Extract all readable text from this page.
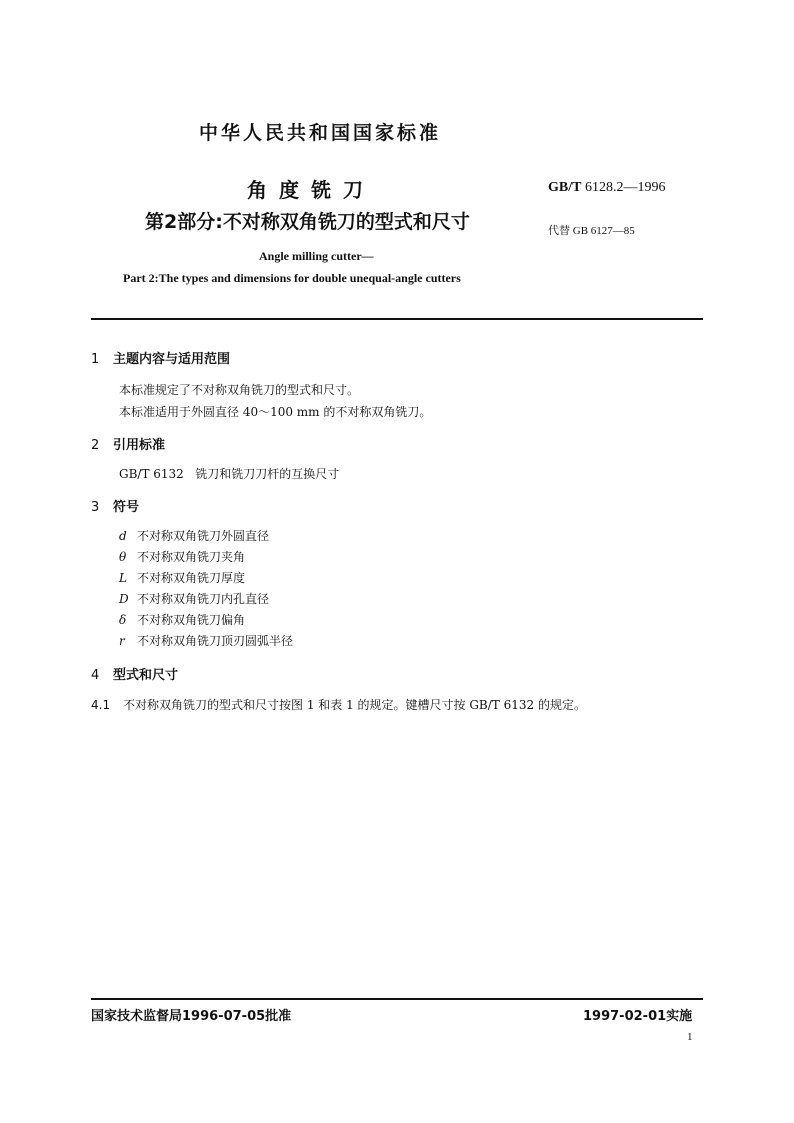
中华人民共和国国家标准
角度铣刀
第2部分:不对称双角铣刀的型式和尺寸
GB/T 6128.2—1996
代替 GB 6127—85
Angle milling cutter—
Part 2:The types and dimensions for double unequal-angle cutters
1 主题内容与适用范围
本标准规定了不对称双角铣刀的型式和尺寸。
本标准适用于外圆直径 40～100 mm 的不对称双角铣刀。
2 引用标准
GB/T 6132   铣刀和铣刀刀杆的互换尺寸
3 符号
d 不对称双角铣刀外圆直径
θ 不对称双角铣刀夹角
L 不对称双角铣刀厚度
D 不对称双角铣刀内孔直径
δ 不对称双角铣刀偏角
r 不对称双角铣刀顶刃圆弧半径
4 型式和尺寸
4.1 不对称双角铣刀的型式和尺寸按图 1 和表 1 的规定。键槽尺寸按 GB/T 6132 的规定。
国家技术监督局1996-07-05批准	1997-02-01实施
1
